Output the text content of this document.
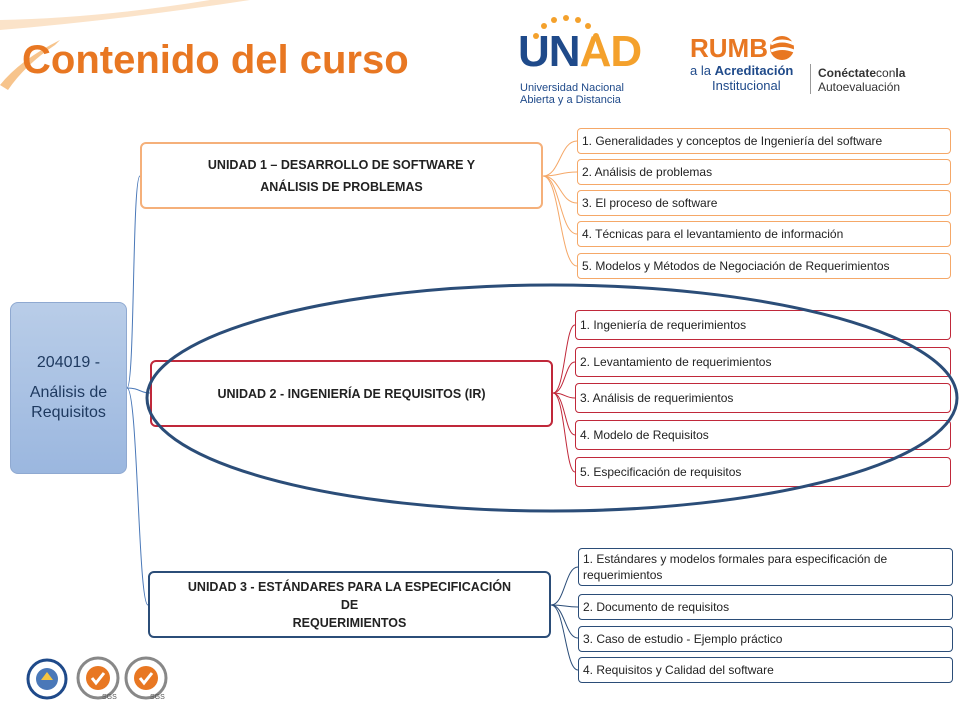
Contenido del curso UNAD
Universidad Nacional
Abierta y a Distancia
RUMB
a la Acreditación
Institucional
Conéctateconla
Autoevaluación
204019 -
Análisis de
Requisitos
UNIDAD 1 – DESARROLLO DE SOFTWARE Y
ANÁLISIS DE PROBLEMAS
UNIDAD 2 - INGENIERÍA DE REQUISITOS (IR)
UNIDAD 3 - ESTÁNDARES PARA LA ESPECIFICACIÓN DE
REQUERIMIENTOS
1. Generalidades y conceptos de Ingeniería del software
2. Análisis de problemas
3. El proceso de software
4. Técnicas para el levantamiento de información
5. Modelos y Métodos de Negociación de Requerimientos
1. Ingeniería de requerimientos
2. Levantamiento de requerimientos
3. Análisis de requerimientos
4. Modelo de Requisitos
5. Especificación de requisitos
1. Estándares y modelos formales para especificación de requerimientos
2. Documento de requisitos
3. Caso de estudio - Ejemplo práctico
4. Requisitos y Calidad del software
SGS	SGS
